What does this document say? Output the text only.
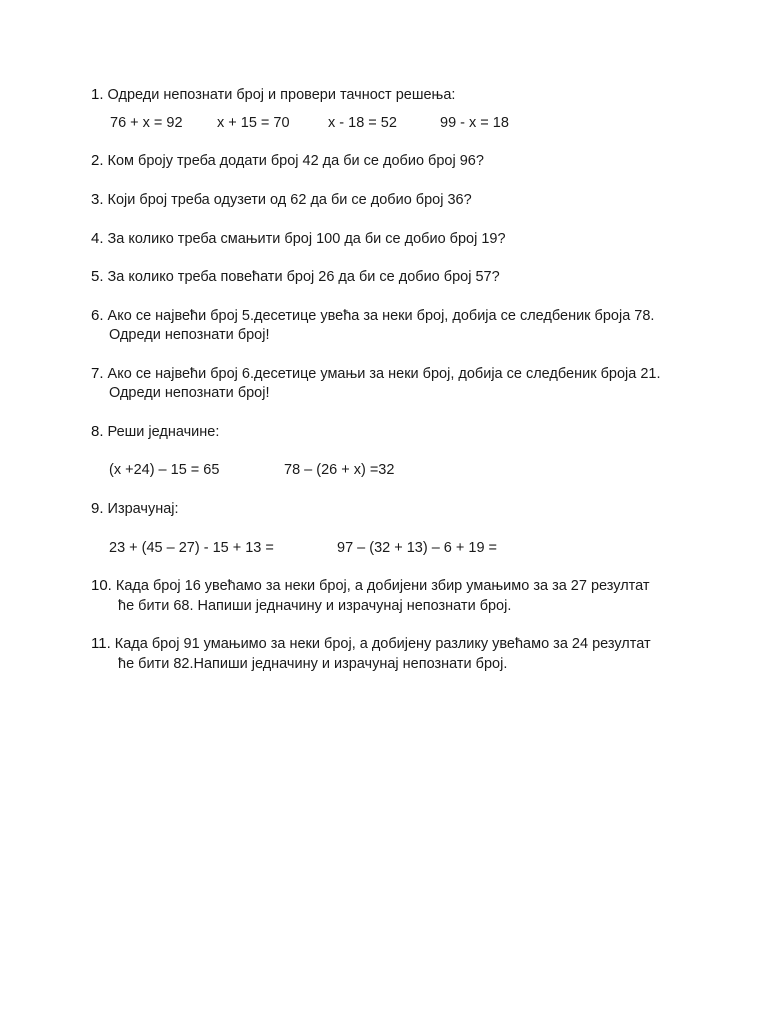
1. Одреди непознати број и провери тачност решења:
76 + x = 92 x + 15 = 70	x - 18 = 52	99 - x = 18
2. Ком броју треба додати број 42 да би се добио број 96?
3. Који број треба одузети од 62 да би се добио број 36?
4. За колико треба смањити број 100 да би се добио број 19?
5. За колико треба повећати број 26 да би се добио број 57?
6. Ако се највећи број 5.десетице увећа за неки број, добија се следбеник броја 78.
Одреди непознати број!
7. Ако се највећи број 6.десетице умањи за неки број, добија се следбеник броја 21.
Одреди непознати број!
8. Реши једначине:
(x +24) – 15 = 65	78 – (26 + x) =32
9. Израчунај:
23 + (45 – 27) - 15 + 13 =	97 – (32 + 13) – 6 + 19 =
10. Када број 16 увећамо за неки број, а добијени збир умањимо за за 27 резултат
ће бити 68. Напиши једначину и израчунај непознати број.
11. Када број 91 умањимо за неки број, а добијену разлику увећамо за 24 резултат
ће бити 82.Напиши једначину и израчунај непознати број.
